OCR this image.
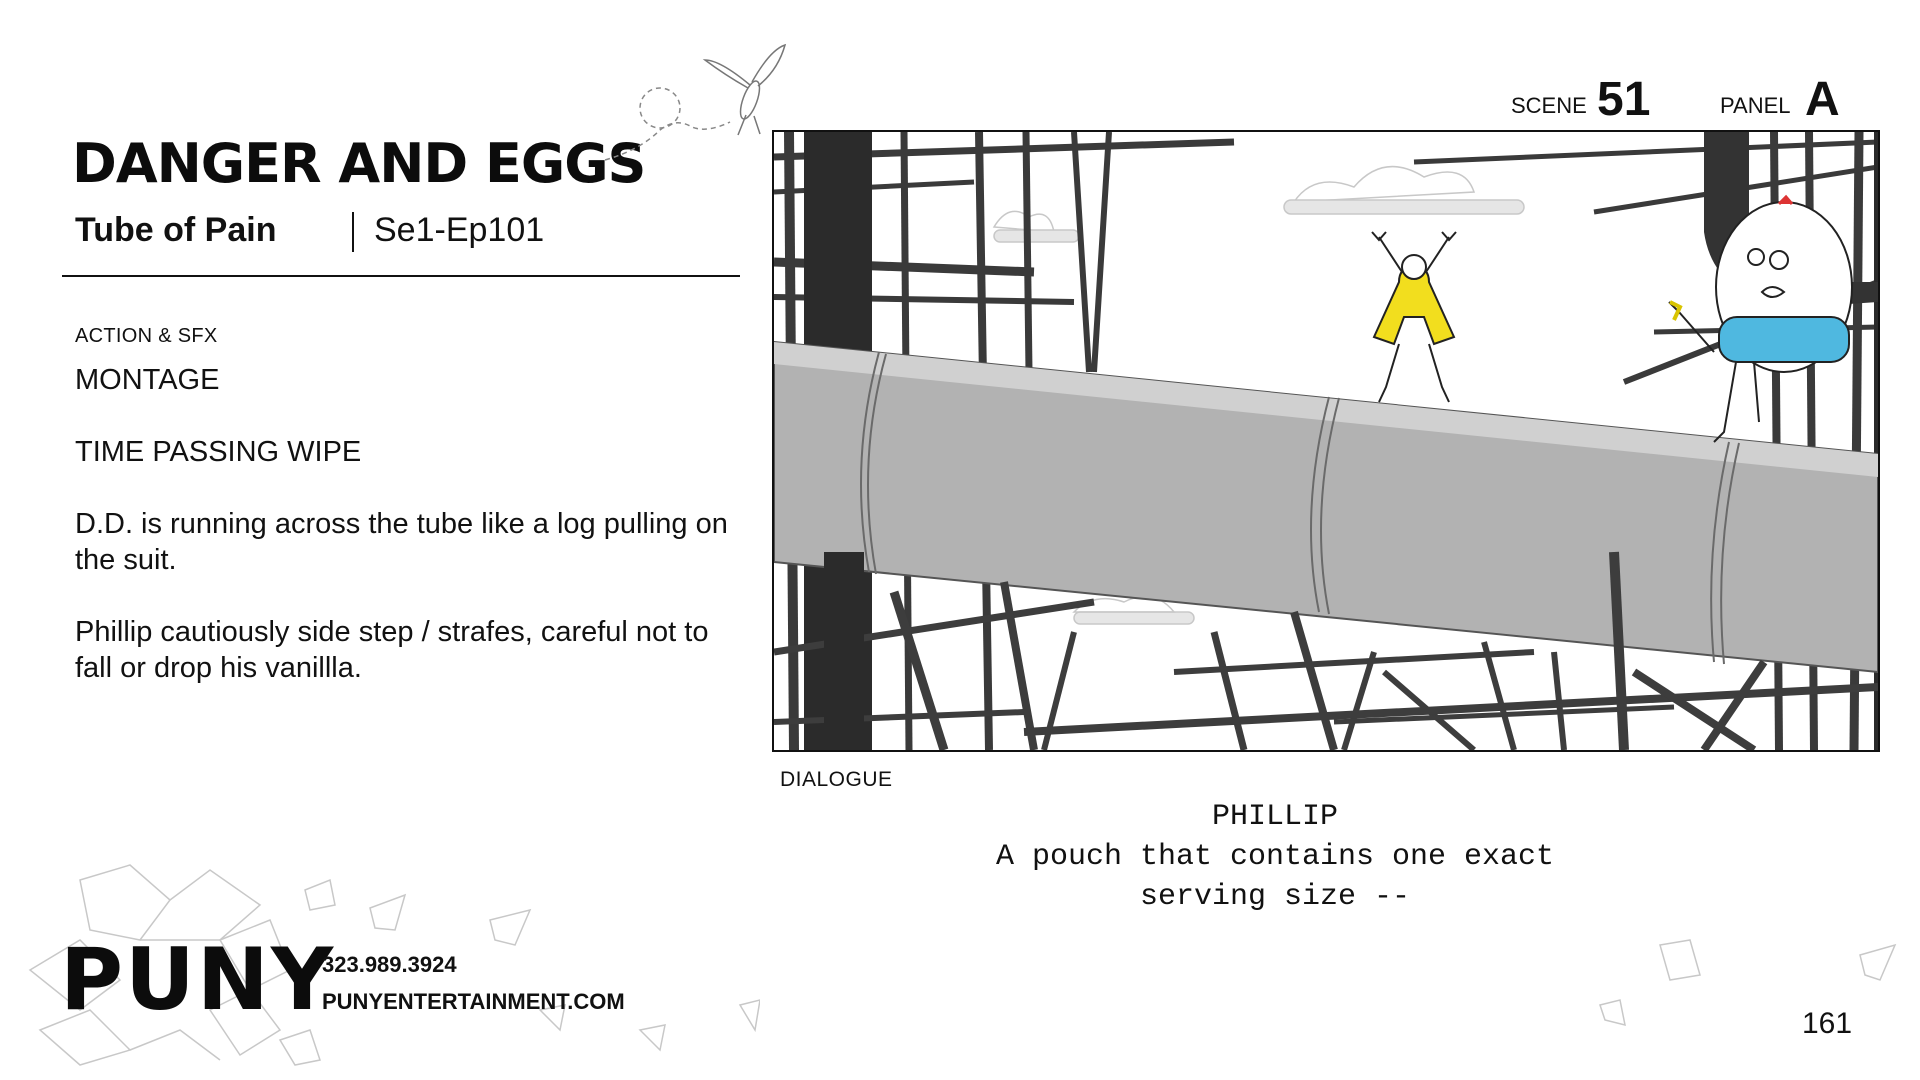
DANGER AND EGGS
Tube of Pain	Se1-Ep101
ACTION & SFX

MONTAGE

TIME PASSING WIPE

D.D. is running across the tube like a log pulling on the suit.

Phillip cautiously side step / strafes, careful not to fall or drop his vanillla.

SCENE 51	PANEL A
DIALOGUE
PHILLIP
A pouch that contains one exact
serving size --
PUNY
323.989.3924
PUNYENTERTAINMENT.COM
161
